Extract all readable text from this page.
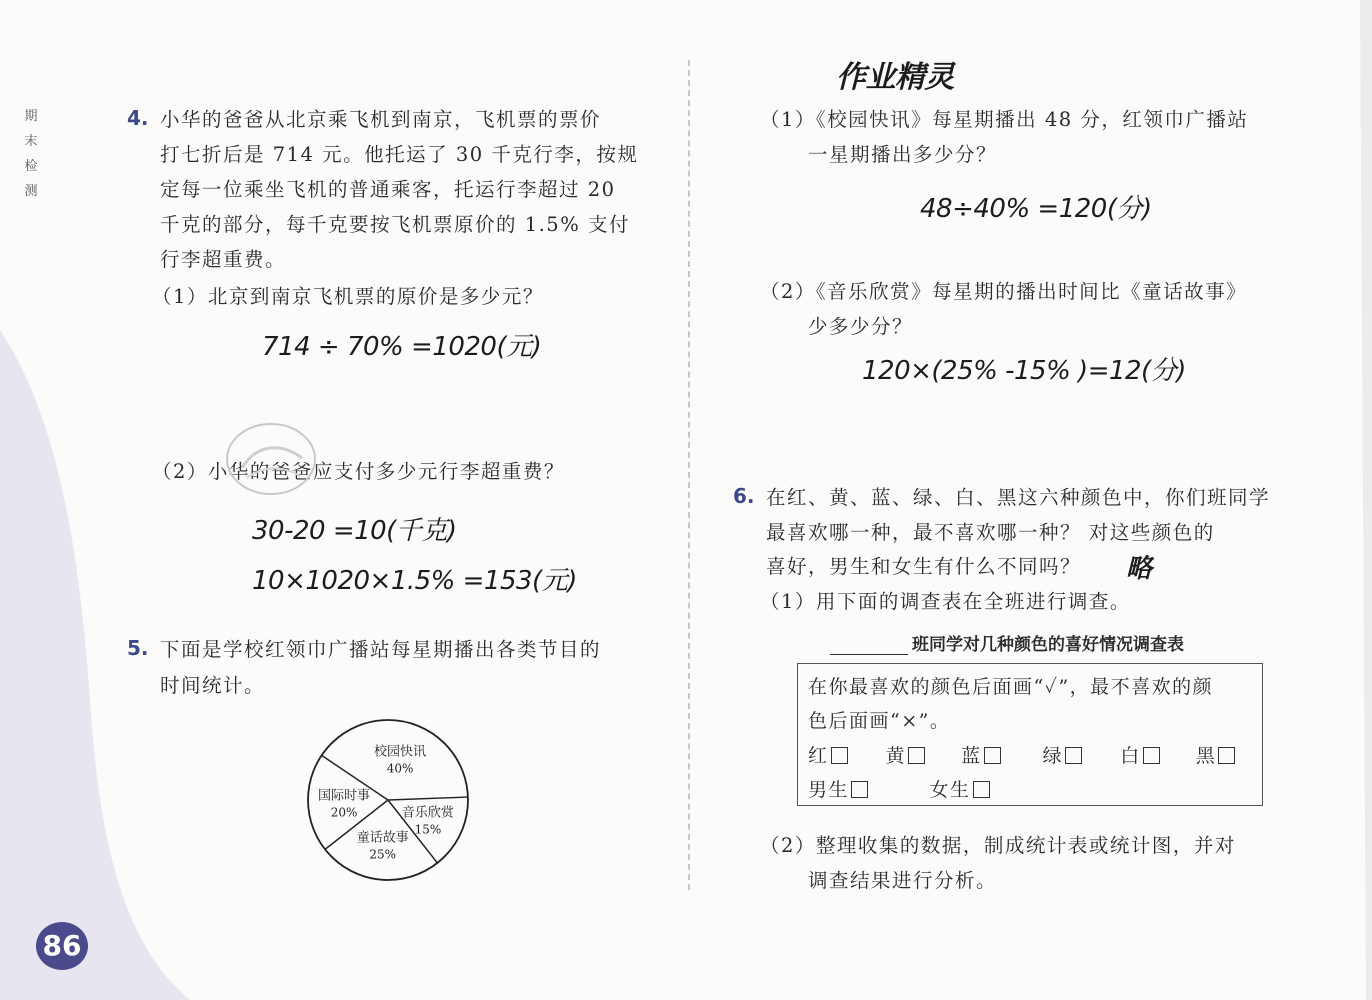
期
末
检
测
86
作业精灵
4. 小华的爸爸从北京乘飞机到南京，飞机票的票价
打七折后是 714 元。他托运了 30 千克行李，按规
定每一位乘坐飞机的普通乘客，托运行李超过 20
千克的部分，每千克要按飞机票原价的 1.5% 支付
行李超重费。
（1）北京到南京飞机票的原价是多少元？
714 ÷ 70% =1020(元)
（2）小华的爸爸应支付多少元行李超重费？
30-20 =10(千克)
10×1020×1.5% =153(元)
5. 下面是学校红领巾广播站每星期播出各类节目的
时间统计。
校园快讯
40%
音乐欣赏
15%
童话故事
25%
国际时事
20%
（1）《校园快讯》每星期播出 48 分，红领巾广播站
一星期播出多少分？
48÷40% =120(分)
（2）《音乐欣赏》每星期的播出时间比《童话故事》
少多少分？
120×(25% -15% )=12(分)
6. 在红、黄、蓝、绿、白、黑这六种颜色中，你们班同学
最喜欢哪一种，最不喜欢哪一种？ 对这些颜色的
喜好，男生和女生有什么不同吗？ 略
（1）用下面的调查表在全班进行调查。
班同学对几种颜色的喜好情况调查表
在你最喜欢的颜色后面画“✓”，最不喜欢的颜
色后面画“×”。
红	黄	蓝	绿	白	黑
男生	女生
（2）整理收集的数据，制成统计表或统计图，并对
调查结果进行分析。
